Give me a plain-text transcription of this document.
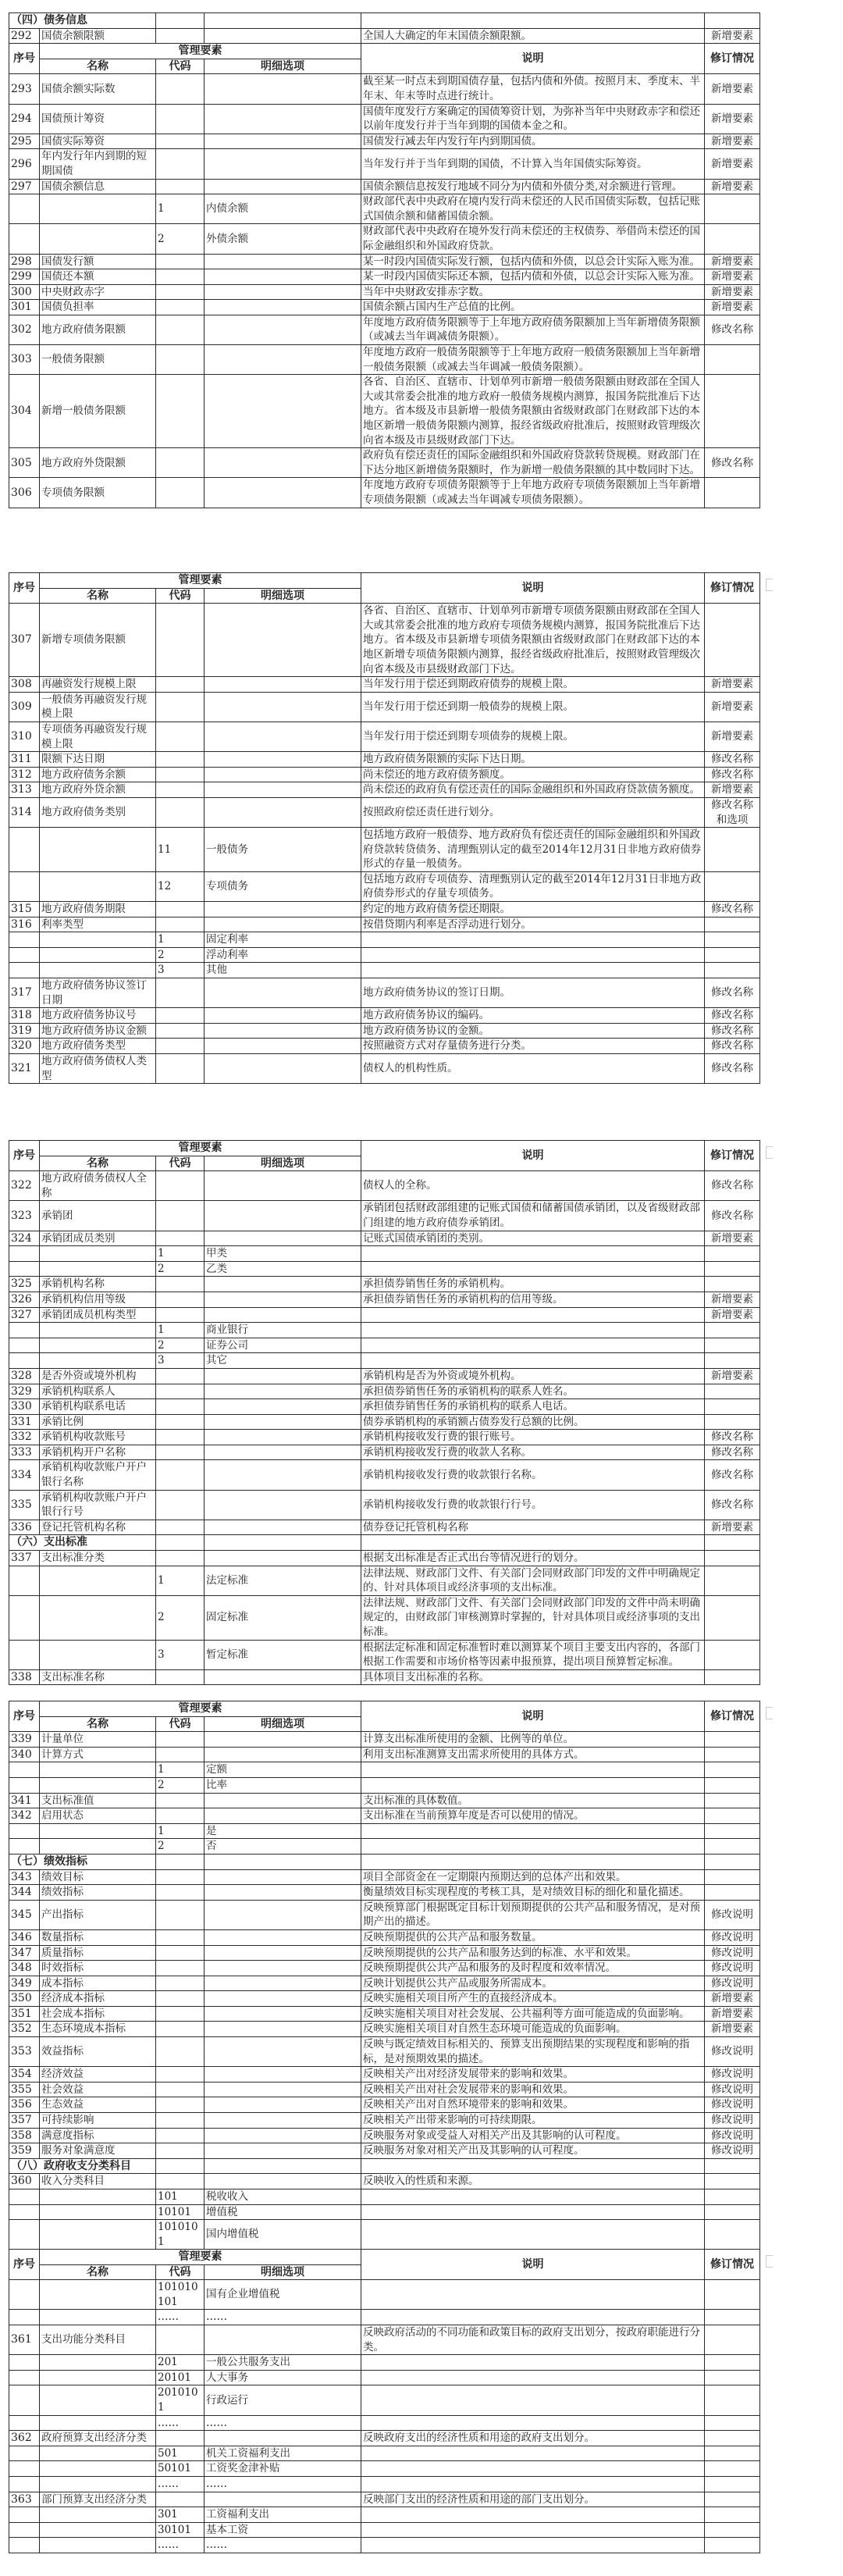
（四）债务信息					
292	国债余额限额			全国人大确定的年末国债余额限额。	新增要素
序号	管理要素			说明	修订情况
	名称	代码	明细选项		
293	国债余额实际数			截至某一时点未到期国债存量，包括内债和外债。按照月末、季度末、半年末、年末等时点进行统计。	新增要素
294	国债预计筹资			国债年度发行方案确定的国债筹资计划，为弥补当年中央财政赤字和偿还以前年度发行并于当年到期的国债本金之和。	新增要素
295	国债实际筹资			国债发行减去年内发行年内到期国债。	新增要素
296	年内发行年内到期的短期国债			当年发行并于当年到期的国债，不计算入当年国债实际筹资。	新增要素
297	国债余额信息			国债余额信息按发行地域不同分为内债和外债分类,对余额进行管理。	新增要素
		1	内债余额	财政部代表中央政府在境内发行尚未偿还的人民币国债实际数，包括记账式国债余额和储蓄国债余额。	
		2	外债余额	财政部代表中央政府在境外发行尚未偿还的主权债券、举借尚未偿还的国际金融组织和外国政府贷款。	
298	国债发行额			某一时段内国债实际发行额，包括内债和外债，以总会计实际入账为准。	新增要素
299	国债还本额			某一时段内国债实际还本额，包括内债和外债，以总会计实际入账为准。	新增要素
300	中央财政赤字			当年中央财政安排赤字数。	新增要素
301	国债负担率			国债余额占国内生产总值的比例。	新增要素
302	地方政府债务限额			年度地方政府债务限额等于上年地方政府债务限额加上当年新增债务限额（或减去当年调减债务限额）。	修改名称
303	一般债务限额			年度地方政府一般债务限额等于上年地方政府一般债务限额加上当年新增一般债务限额（或减去当年调减一般债务限额）。	
304	新增一般债务限额			各省、自治区、直辖市、计划单列市新增一般债务限额由财政部在全国人大或其常委会批准的地方政府一般债务规模内测算，报国务院批准后下达地方。省本级及市县新增一般债务限额由省级财政部门在财政部下达的本地区新增一般债务限额内测算，报经省级政府批准后，按照财政管理级次向省本级及市县级财政部门下达。	
305	地方政府外贷限额			政府负有偿还责任的国际金融组织和外国政府贷款转贷规模。财政部门在下达分地区新增债务限额时，作为新增一般债务限额的其中数同时下达。	修改名称
306	专项债务限额			年度地方政府专项债务限额等于上年地方政府专项债务限额加上当年新增专项债务限额（或减去当年调减专项债务限额）。	
序号	管理要素			说明	修订情况
	名称	代码	明细选项		
307	新增专项债务限额			各省、自治区、直辖市、计划单列市新增专项债务限额由财政部在全国人大或其常委会批准的地方政府专项债务规模内测算，报国务院批准后下达地方。省本级及市县新增专项债务限额由省级财政部门在财政部下达的本地区新增专项债务限额内测算，报经省级政府批准后，按照财政管理级次向省本级及市县级财政部门下达。	
308	再融资发行规模上限			当年发行用于偿还到期政府债券的规模上限。	新增要素
309	一般债务再融资发行规模上限			当年发行用于偿还到期一般债券的规模上限。	新增要素
310	专项债务再融资发行规模上限			当年发行用于偿还到期专项债券的规模上限。	新增要素
311	限额下达日期			地方政府债务限额的实际下达日期。	修改名称
312	地方政府债务余额			尚未偿还的地方政府债务额度。	修改名称
313	地方政府外贷余额			尚未偿还的政府负有偿还责任的国际金融组织和外国政府贷款债务额度。	新增要素
314	地方政府债务类别			按照政府偿还责任进行划分。	修改名称和选项
		11	一般债务	包括地方政府一般债券、地方政府负有偿还责任的国际金融组织和外国政府贷款转贷债务、清理甄别认定的截至2014年12月31日非地方政府债券形式的存量一般债务。	
		12	专项债务	包括地方政府专项债券、清理甄别认定的截至2014年12月31日非地方政府债券形式的存量专项债务。	
315	地方政府债务期限			约定的地方政府债务偿还期限。	修改名称
316	利率类型			按借贷期内利率是否浮动进行划分。	
		1	固定利率		
		2	浮动利率		
		3	其他		
317	地方政府债务协议签订日期			地方政府债务协议的签订日期。	修改名称
318	地方政府债务协议号			地方政府债务协议的编码。	修改名称
319	地方政府债务协议金额			地方政府债务协议的金额。	修改名称
320	地方政府债务类型			按照融资方式对存量债务进行分类。	修改名称
321	地方政府债务债权人类型			债权人的机构性质。	修改名称
序号	管理要素			说明	修订情况
	名称	代码	明细选项		
322	地方政府债务债权人全称			债权人的全称。	修改名称
323	承销团			承销团包括财政部组建的记账式国债和储蓄国债承销团，以及省级财政部门组建的地方政府债券承销团。	修改名称
324	承销团成员类别			记账式国债承销团的类别。	新增要素
		1	甲类		
		2	乙类		
325	承销机构名称			承担债券销售任务的承销机构。	
326	承销机构信用等级			承担债券销售任务的承销机构的信用等级。	新增要素
327	承销团成员机构类型				新增要素
		1	商业银行		
		2	证券公司		
		3	其它		
328	是否外资或境外机构			承销机构是否为外资或境外机构。	新增要素
329	承销机构联系人			承担债券销售任务的承销机构的联系人姓名。	
330	承销机构联系电话			承担债券销售任务的承销机构的联系人电话。	
331	承销比例			债券承销机构的承销额占债券发行总额的比例。	
332	承销机构收款账号			承销机构接收发行费的银行账号。	修改名称
333	承销机构开户名称			承销机构接收发行费的收款人名称。	修改名称
334	承销机构收款账户开户银行名称			承销机构接收发行费的收款银行名称。	修改名称
335	承销机构收款账户开户银行行号			承销机构接收发行费的收款银行行号。	修改名称
336	登记托管机构名称			债券登记托管机构名称	新增要素
（六）支出标准					
337	支出标准分类			根据支出标准是否正式出台等情况进行的划分。	
		1	法定标准	法律法规、财政部门文件、有关部门会同财政部门印发的文件中明确规定的、针对具体项目或经济事项的支出标准。	
		2	固定标准	法律法规、财政部门文件、有关部门会同财政部门印发的文件中尚未明确规定的，由财政部门审核测算时掌握的，针对具体项目或经济事项的支出标准。	
		3	暂定标准	根据法定标准和固定标准暂时难以测算某个项目主要支出内容的，各部门根据工作需要和市场价格等因素申报预算，提出项目预算暂定标准。	
338	支出标准名称			具体项目支出标准的名称。	
序号	管理要素			说明	修订情况
	名称	代码	明细选项		
339	计量单位			计算支出标准所使用的金额、比例等的单位。	
340	计算方式			利用支出标准测算支出需求所使用的具体方式。	
		1	定额		
		2	比率		
341	支出标准值			支出标准的具体数值。	
342	启用状态			支出标准在当前预算年度是否可以使用的情况。	
		1	是		
		2	否		
（七）绩效指标					
343	绩效目标			项目全部资金在一定期限内预期达到的总体产出和效果。	
344	绩效指标			衡量绩效目标实现程度的考核工具，是对绩效目标的细化和量化描述。	
345	产出指标			反映预算部门根据既定目标计划预期提供的公共产品和服务情况，是对预期产出的描述。	修改说明
346	数量指标			反映预期提供的公共产品和服务数量。	修改说明
347	质量指标			反映预期提供的公共产品和服务达到的标准、水平和效果。	修改说明
348	时效指标			反映预期提供公共产品和服务的及时程度和效率情况。	修改说明
349	成本指标			反映计划提供公共产品或服务所需成本。	修改说明
350	经济成本指标			反映实施相关项目所产生的直接经济成本。	新增要素
351	社会成本指标			反映实施相关项目对社会发展、公共福利等方面可能造成的负面影响。	新增要素
352	生态环境成本指标			反映实施相关项目对自然生态环境可能造成的负面影响。	新增要素
353	效益指标			反映与既定绩效目标相关的、预算支出预期结果的实现程度和影响的指标，是对预期效果的描述。	修改说明
354	经济效益			反映相关产出对经济发展带来的影响和效果。	修改说明
355	社会效益			反映相关产出对社会发展带来的影响和效果。	修改说明
356	生态效益			反映相关产出对自然环境带来的影响和效果。	修改说明
357	可持续影响			反映相关产出带来影响的可持续期限。	修改说明
358	满意度指标			反映服务对象或受益人对相关产出及其影响的认可程度。	修改说明
359	服务对象满意度			反映服务对象对相关产出及其影响的认可程度。	修改说明
（八）政府收支分类科目					
360	收入分类科目			反映收入的性质和来源。	
		101	税收收入		
		10101	增值税		
		1010101	国内增值税		
序号	管理要素			说明	修订情况
	名称	代码	明细选项		
		101010101	国有企业增值税		
		……	……		
361	支出功能分类科目			反映政府活动的不同功能和政策目标的政府支出划分，按政府职能进行分类。	
		201	一般公共服务支出		
		20101	人大事务		
		2010101	行政运行		
		……	……		
362	政府预算支出经济分类			反映政府支出的经济性质和用途的政府支出划分。	
		501	机关工资福利支出		
		50101	工资奖金津补贴		
		……	……		
363	部门预算支出经济分类			反映部门支出的经济性质和用途的部门支出划分。	
		301	工资福利支出		
		30101	基本工资		
		……	……		
